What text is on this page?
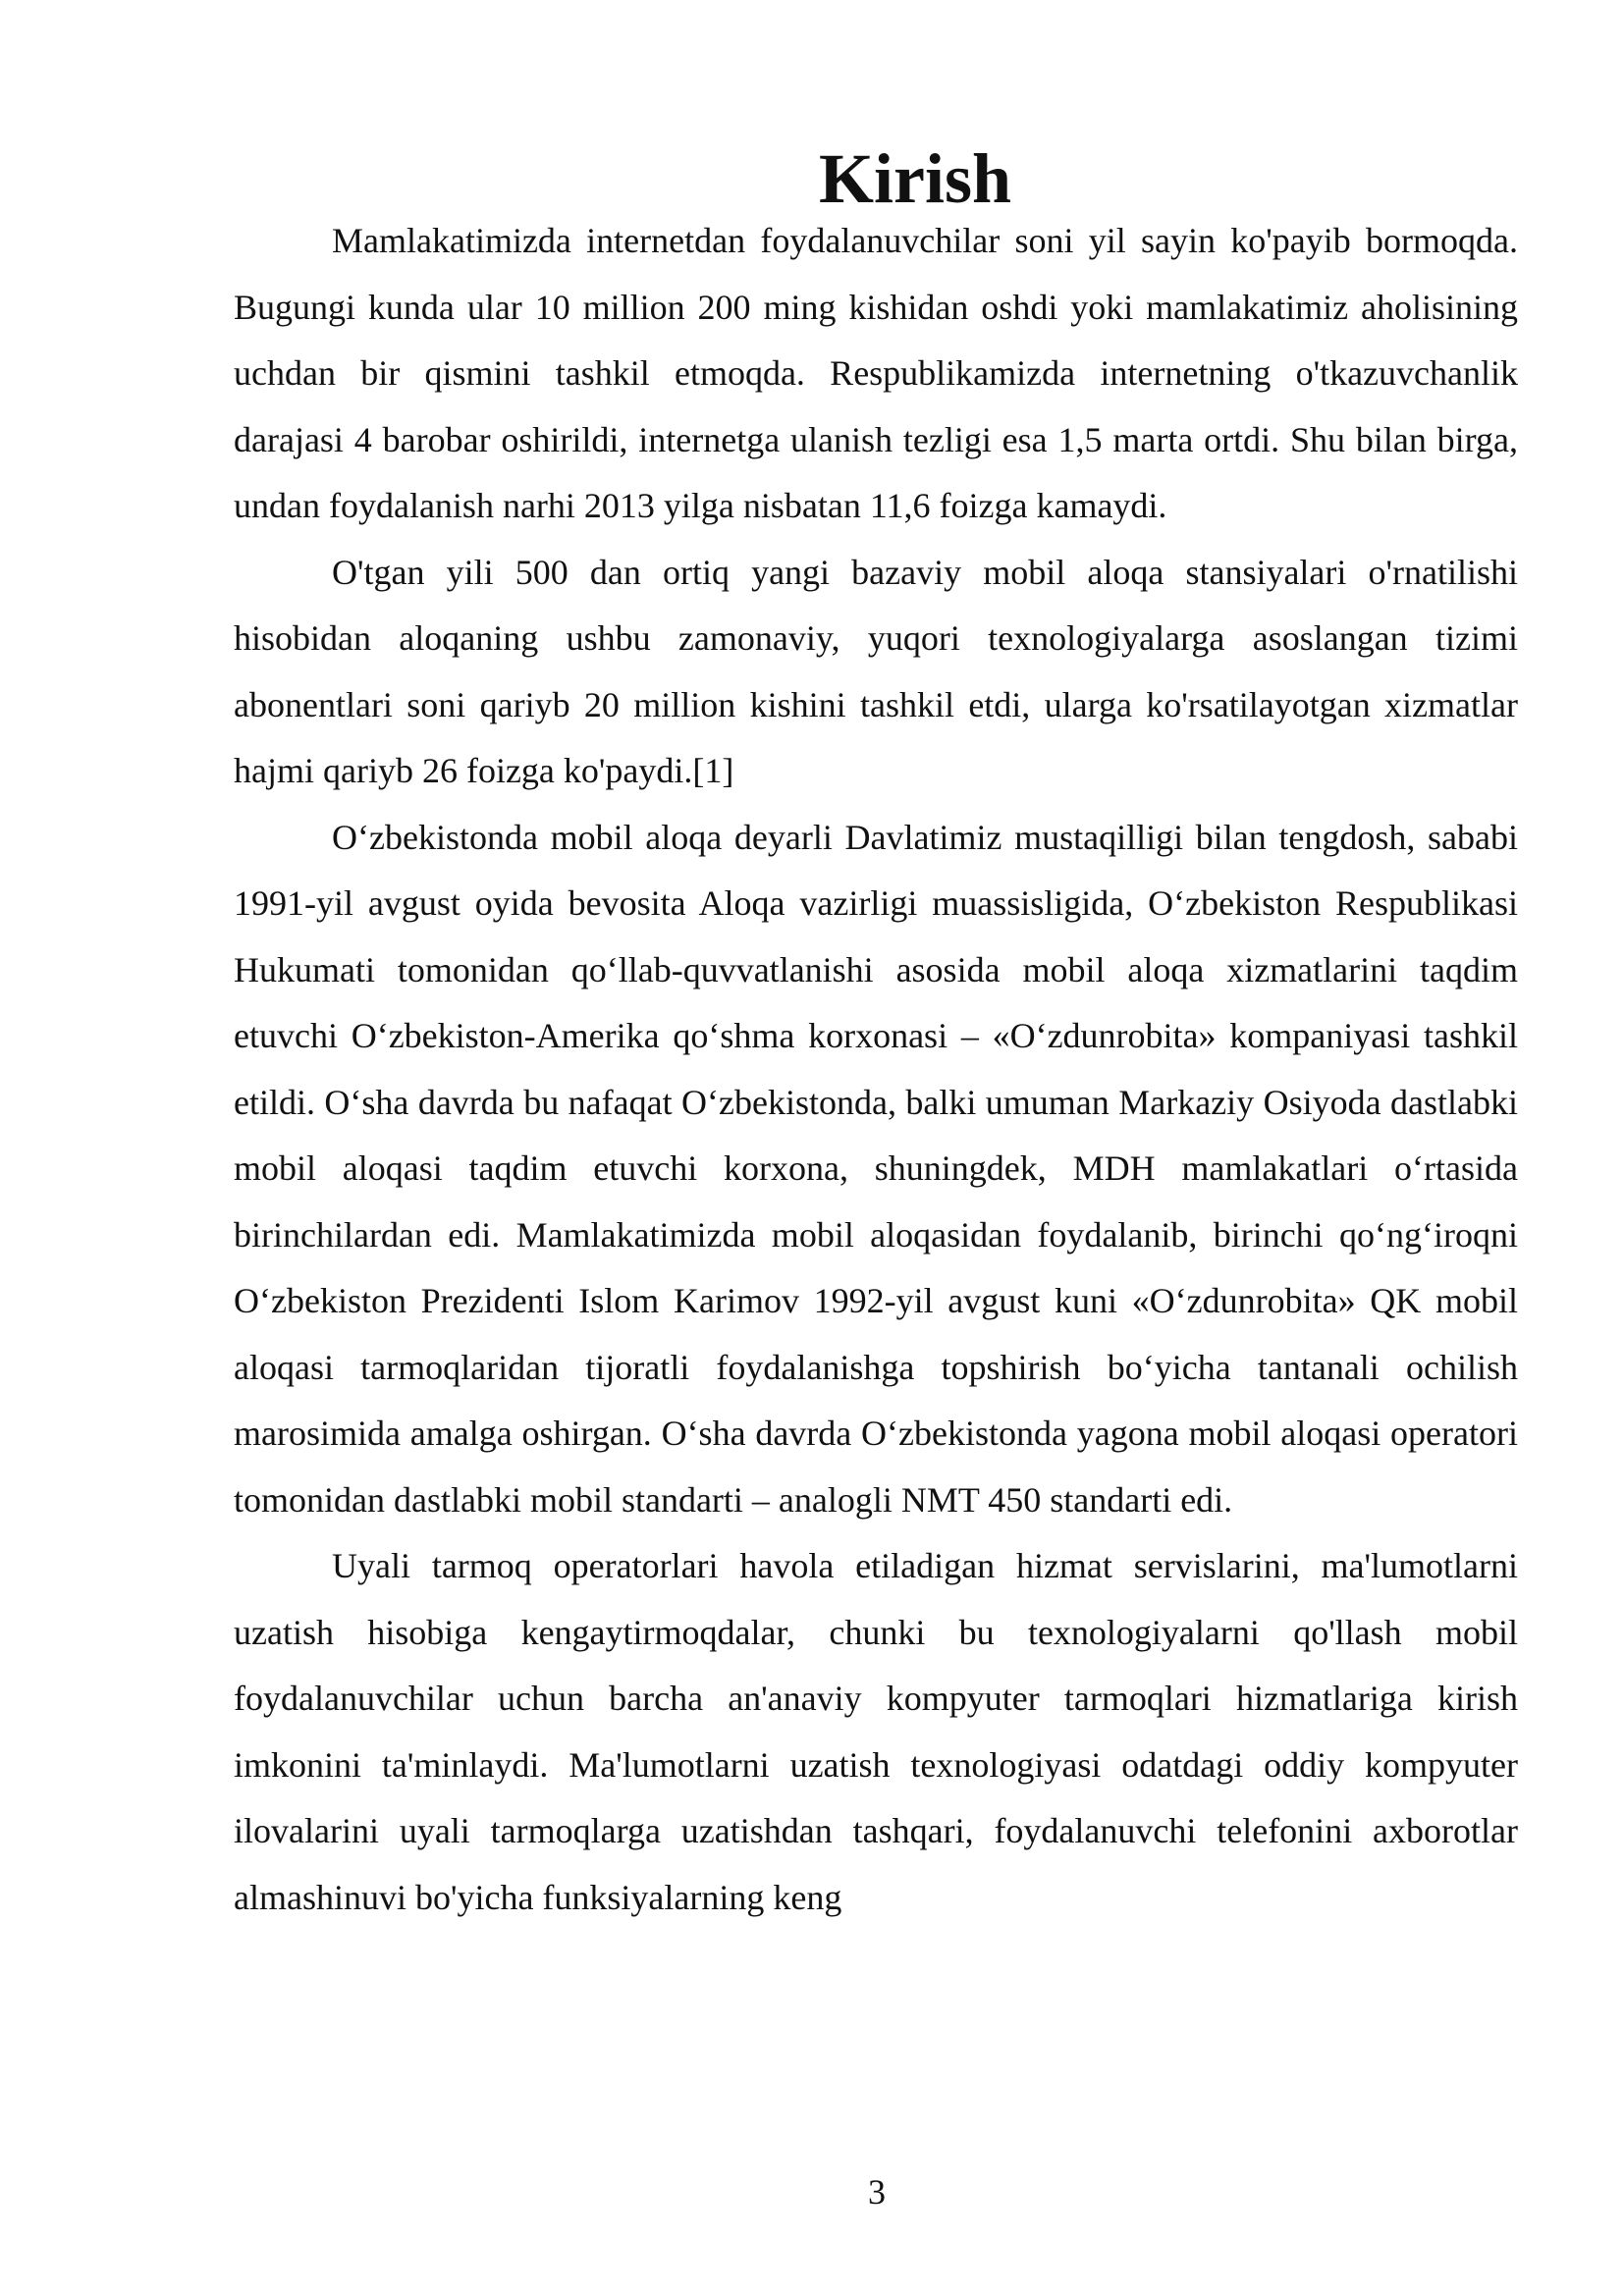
Kirish

Mamlakatimizda internetdan foydalanuvchilar soni yil sayin ko'payib bormoqda. Bugungi kunda ular 10 million 200 ming kishidan oshdi yoki mamlakatimiz aholisining uchdan bir qismini tashkil etmoqda. Respublikamizda internetning o'tkazuvchanlik darajasi 4 barobar oshirildi, internetga ulanish tezligi esa 1,5 marta ortdi. Shu bilan birga, undan foydalanish narhi 2013 yilga nisbatan 11,6 foizga kamaydi.

O'tgan yili 500 dan ortiq yangi bazaviy mobil aloqa stansiyalari o'rnatilishi hisobidan aloqaning ushbu zamonaviy, yuqori texnologiyalarga asoslangan tizimi abonentlari soni qariyb 20 million kishini tashkil etdi, ularga ko'rsatilayotgan xizmatlar hajmi qariyb 26 foizga ko'paydi.[1]

O‘zbekistonda mobil aloqa deyarli Davlatimiz mustaqilligi bilan tengdosh, sababi 1991-yil avgust oyida bevosita Aloqa vazirligi muassisligida, O‘zbekiston Respublikasi Hukumati tomonidan qo‘llab-quvvatlanishi asosida mobil aloqa xizmatlarini taqdim etuvchi O‘zbekiston-Amerika qo‘shma korxonasi – «O‘zdunrobita» kompaniyasi tashkil etildi. O‘sha davrda bu nafaqat O‘zbekistonda, balki umuman Markaziy Osiyoda dastlabki mobil aloqasi taqdim etuvchi korxona, shuningdek, MDH mamlakatlari o‘rtasida birinchilardan edi. Mamlakatimizda mobil aloqasidan foydalanib, birinchi qo‘ng‘iroqni O‘zbekiston Prezidenti Islom Karimov 1992-yil avgust kuni «O‘zdunrobita» QK mobil aloqasi tarmoqlaridan tijoratli foydalanishga topshirish bo‘yicha tantanali ochilish marosimida amalga oshirgan. O‘sha davrda O‘zbekistonda yagona mobil aloqasi operatori tomonidan dastlabki mobil standarti – analogli NMT 450 standarti edi.

Uyali tarmoq operatorlari havola etiladigan hizmat servislarini, ma'lumotlarni uzatish hisobiga kengaytirmoqdalar, chunki bu texnologiyalarni qo'llash mobil foydalanuvchilar uchun barcha an'anaviy kompyuter tarmoqlari hizmatlariga kirish imkonini ta'minlaydi. Ma'lumotlarni uzatish texnologiyasi odatdagi oddiy kompyuter ilovalarini uyali tarmoqlarga uzatishdan tashqari, foydalanuvchi telefonini axborotlar almashinuvi bo'yicha funksiyalarning keng

3
